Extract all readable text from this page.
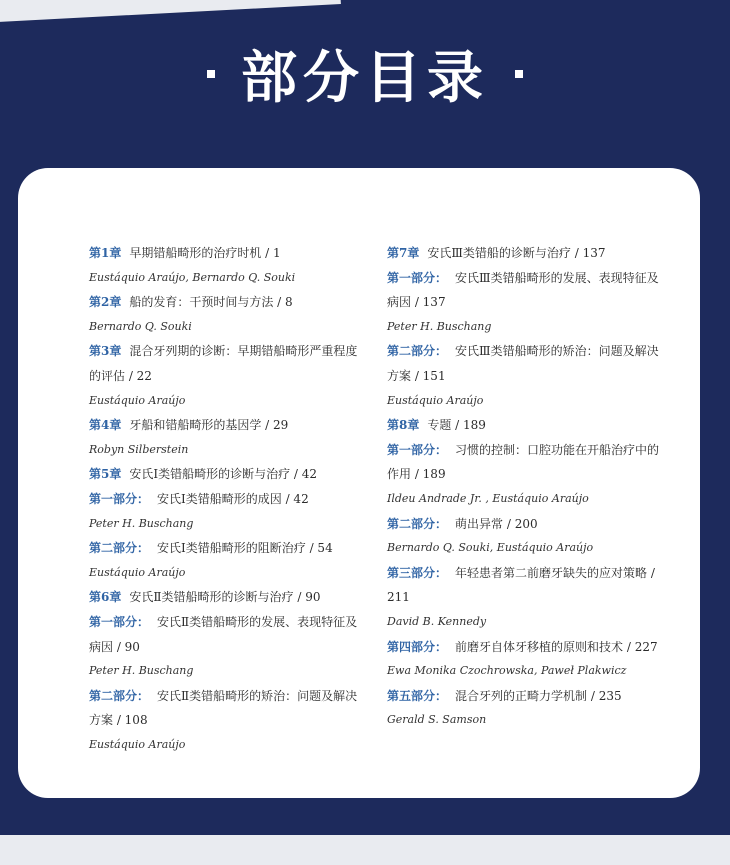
部分目录
第1章 早期错船畸形的治疗时机 / 1
Eustáquio Araújo, Bernardo Q. Souki
第2章 船的发育：干预时间与方法 / 8
Bernardo Q. Souki
第3章 混合牙列期的诊断：早期错船畸形严重程度的评估 / 22
Eustáquio Araújo
第4章 牙船和错船畸形的基因学 / 29
Robyn Silberstein
第5章 安氏Ⅰ类错船畸形的诊断与治疗 / 42
第一部分： 安氏Ⅰ类错船畸形的成因 / 42
Peter H. Buschang
第二部分： 安氏Ⅰ类错船畸形的阻断治疗 / 54
Eustáquio Araújo
第6章 安氏Ⅱ类错船畸形的诊断与治疗 / 90
第一部分： 安氏Ⅱ类错船畸形的发展、表现特征及病因 / 90
Peter H. Buschang
第二部分： 安氏Ⅱ类错船畸形的矫治：问题及解决方案 / 108
Eustáquio Araújo
第7章 安氏Ⅲ类错船的诊断与治疗 / 137
第一部分： 安氏Ⅲ类错船畸形的发展、表现特征及病因 / 137
Peter H. Buschang
第二部分： 安氏Ⅲ类错船畸形的矫治：问题及解决方案 / 151
Eustáquio Araújo
第8章 专题 / 189
第一部分： 习惯的控制：口腔功能在开船治疗中的作用 / 189
Ildeu Andrade Jr. , Eustáquio Araújo
第二部分： 萌出异常 / 200
Bernardo Q. Souki, Eustáquio Araújo
第三部分： 年轻患者第二前磨牙缺失的应对策略 / 211
David B. Kennedy
第四部分： 前磨牙自体牙移植的原则和技术 / 227
Ewa Monika Czochrowska, Paweł Plakwicz
第五部分： 混合牙列的正畸力学机制 / 235
Gerald S. Samson
